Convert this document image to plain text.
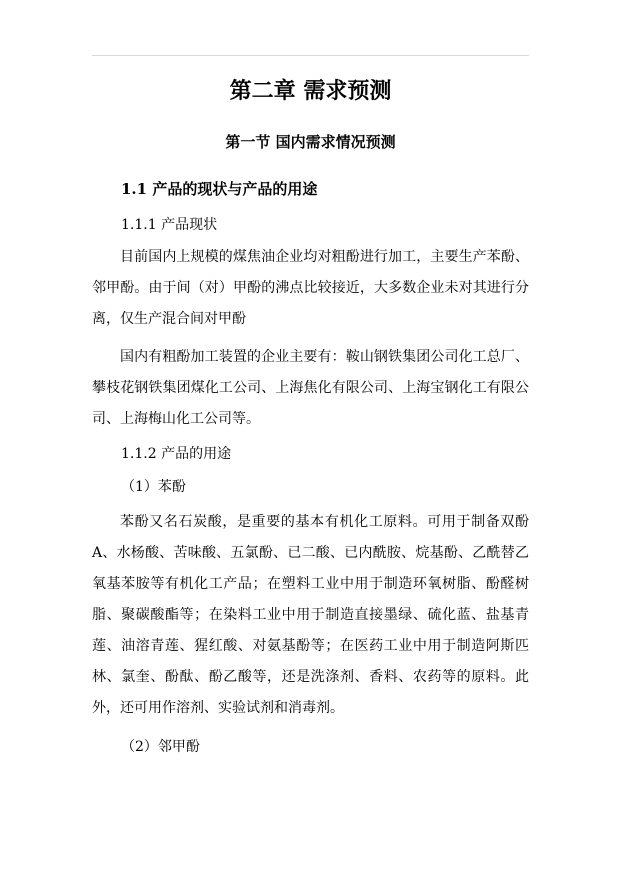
第二章 需求预测
第一节 国内需求情况预测
1.1 产品的现状与产品的用途
1.1.1 产品现状

目前国内上规模的煤焦油企业均对粗酚进行加工，主要生产苯酚、邻甲酚。由于间（对）甲酚的沸点比较接近，大多数企业未对其进行分离，仅生产混合间对甲酚

国内有粗酚加工装置的企业主要有：鞍山钢铁集团公司化工总厂、攀枝花钢铁集团煤化工公司、上海焦化有限公司、上海宝钢化工有限公司、上海梅山化工公司等。

1.1.2 产品的用途
（1）苯酚

苯酚又名石炭酸，是重要的基本有机化工原料。可用于制备双酚A、水杨酸、苦味酸、五氯酚、已二酸、已内酰胺、烷基酚、乙酰替乙氧基苯胺等有机化工产品；在塑料工业中用于制造环氧树脂、酚醛树脂、聚碳酸酯等；在染料工业中用于制造直接墨绿、硫化蓝、盐基青莲、油溶青莲、猩红酸、对氨基酚等；在医药工业中用于制造阿斯匹林、氯奎、酚酞、酚乙酸等，还是洗涤剂、香料、农药等的原料。此外，还可用作溶剂、实验试剂和消毒剂。

（2）邻甲酚
